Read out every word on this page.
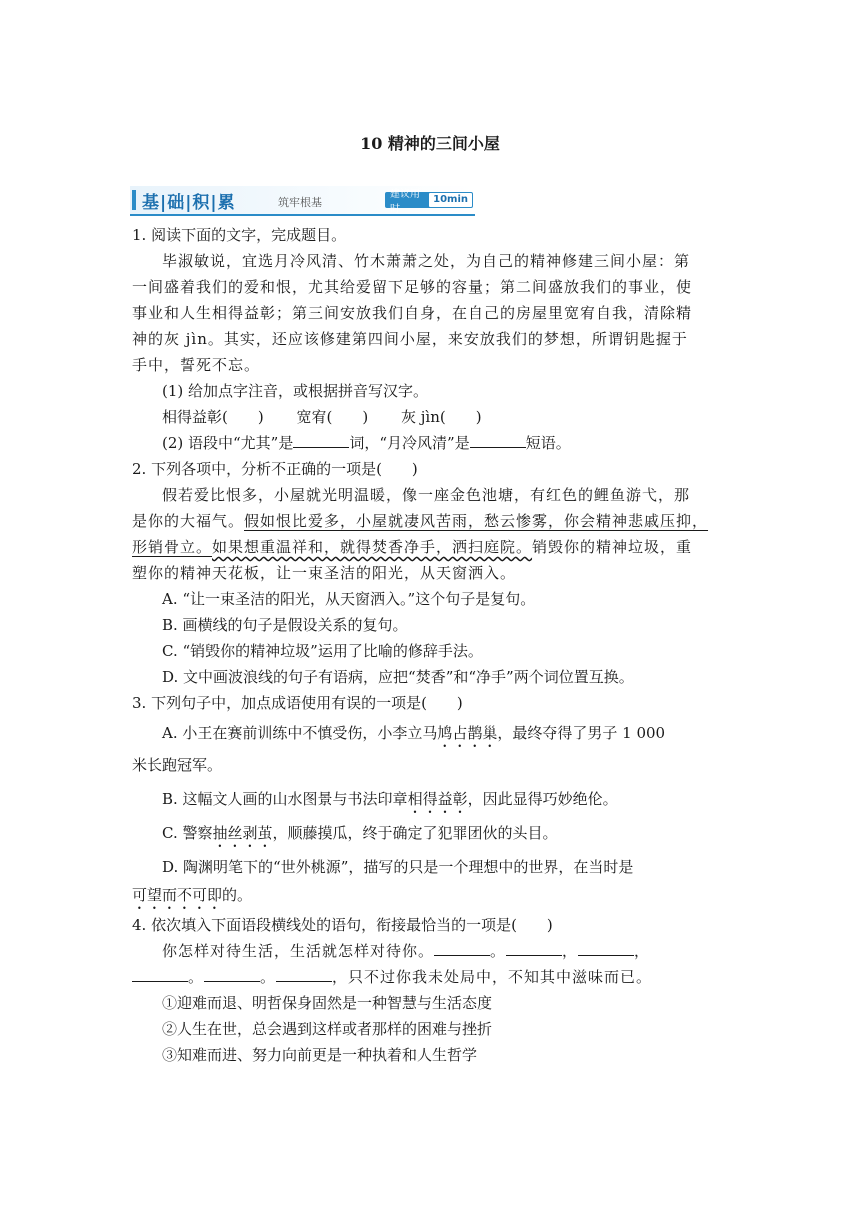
10 精神的三间小屋
基|础|积|累	筑牢根基
建议用时
10min
1. 阅读下面的文字，完成题目。
毕淑敏说，宜选月冷风清、竹木萧萧之处，为自己的精神修建三间小屋：第
一间盛着我们的爱和恨，尤其给爱留下足够的容量；第二间盛放我们的事业，使
事业和人生相得益彰；第三间安放我们自身，在自己的房屋里宽宥自我，清除精
神的灰 jìn。其实，还应该修建第四间小屋，来安放我们的梦想，所谓钥匙握于
手中，誓死不忘。
(1) 给加点字注音，或根据拼音写汉字。
相得益彰(　　) 宽宥(　　) 灰 jìn(　　)
(2) 语段中“尤其”是	词，“月冷风清”是	短语。
2. 下列各项中，分析不正确的一项是(　　)
假若爱比恨多，小屋就光明温暖，像一座金色池塘，有红色的鲤鱼游弋，那
是你的大福气。假如恨比爱多，小屋就凄风苦雨，愁云惨雾，你会精神悲戚压抑，
形销骨立。如果想重温祥和，就得焚香净手，洒扫庭院。销毁你的精神垃圾，重
塑你的精神天花板，让一束圣洁的阳光，从天窗洒入。
A. “让一束圣洁的阳光，从天窗洒入。”这个句子是复句。
B. 画横线的句子是假设关系的复句。
C. “销毁你的精神垃圾”运用了比喻的修辞手法。
D. 文中画波浪线的句子有语病，应把“焚香”和“净手”两个词位置互换。
3. 下列句子中，加点成语使用有误的一项是(　　)
A. 小王在赛前训练中不慎受伤，小李立马鸠占鹊巢，最终夺得了男子 1 000
米长跑冠军。
B. 这幅文人画的山水图景与书法印章相得益彰，因此显得巧妙绝伦。
C. 警察抽丝剥茧，顺藤摸瓜，终于确定了犯罪团伙的头目。
D. 陶渊明笔下的“世外桃源”，描写的只是一个理想中的世界，在当时是
可望而不可即的。
4. 依次填入下面语段横线处的语句，衔接最恰当的一项是(　　)
你怎样对待生活，生活就怎样对待你。	。	，	，
。	。	，只不过你我未处局中，不知其中滋味而已。
①迎难而退、明哲保身固然是一种智慧与生活态度
②人生在世，总会遇到这样或者那样的困难与挫折
③知难而进、努力向前更是一种执着和人生哲学
